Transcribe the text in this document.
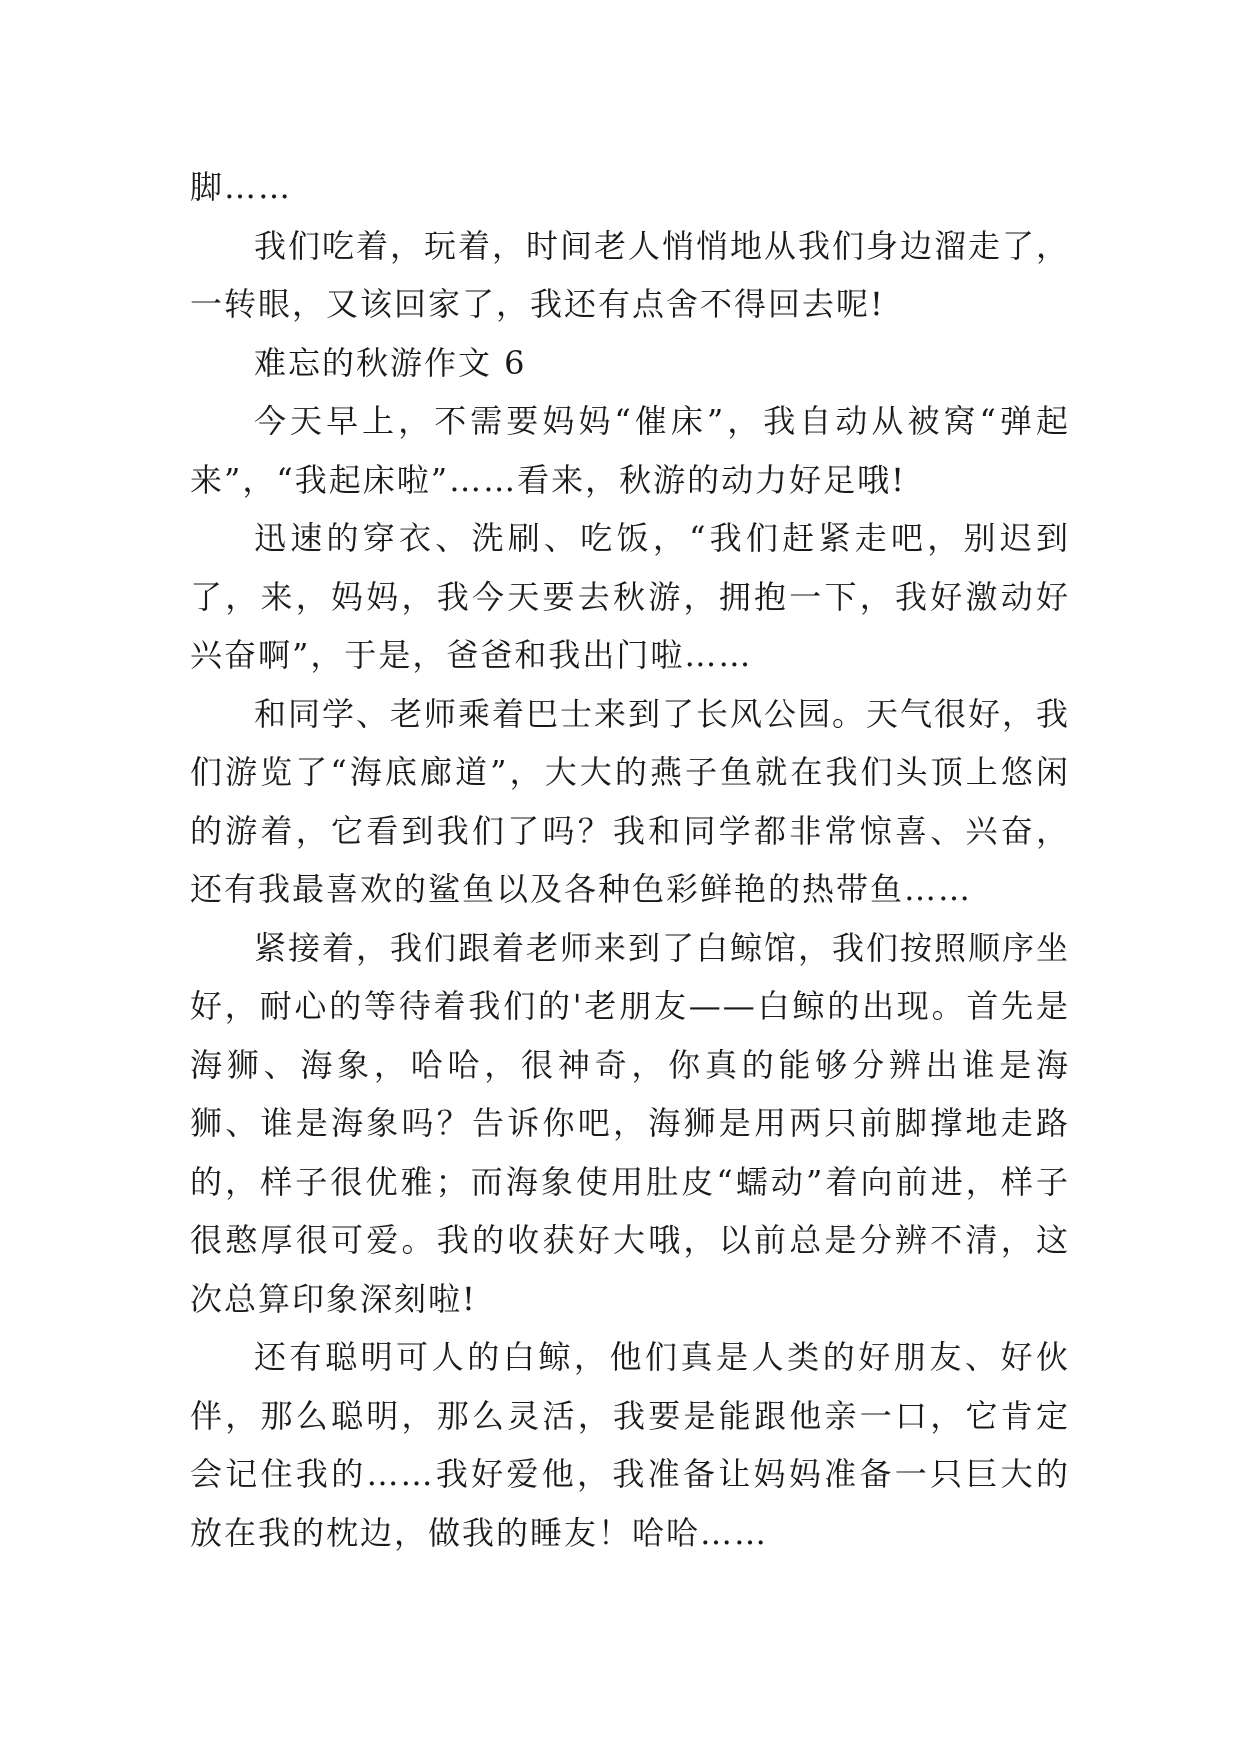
脚……

我们吃着，玩着，时间老人悄悄地从我们身边溜走了，一转眼，又该回家了，我还有点舍不得回去呢!

难忘的秋游作文 6

今天早上，不需要妈妈“催床”，我自动从被窝“弹起来”，“我起床啦”……看来，秋游的动力好足哦!

迅速的穿衣、洗刷、吃饭，“我们赶紧走吧，别迟到了，来，妈妈，我今天要去秋游，拥抱一下，我好激动好兴奋啊”，于是，爸爸和我出门啦……

和同学、老师乘着巴士来到了长风公园。天气很好，我们游览了“海底廊道”，大大的燕子鱼就在我们头顶上悠闲的游着，它看到我们了吗？我和同学都非常惊喜、兴奋，还有我最喜欢的鲨鱼以及各种色彩鲜艳的热带鱼……

紧接着，我们跟着老师来到了白鲸馆，我们按照顺序坐好，耐心的等待着我们的'老朋友——白鲸的出现。首先是海狮、海象，哈哈，很神奇，你真的能够分辨出谁是海狮、谁是海象吗？告诉你吧，海狮是用两只前脚撑地走路的，样子很优雅；而海象使用肚皮“蠕动”着向前进，样子很憨厚很可爱。我的收获好大哦，以前总是分辨不清，这次总算印象深刻啦!

还有聪明可人的白鲸，他们真是人类的好朋友、好伙伴，那么聪明，那么灵活，我要是能跟他亲一口，它肯定会记住我的……我好爱他，我准备让妈妈准备一只巨大的放在我的枕边，做我的睡友！哈哈……
